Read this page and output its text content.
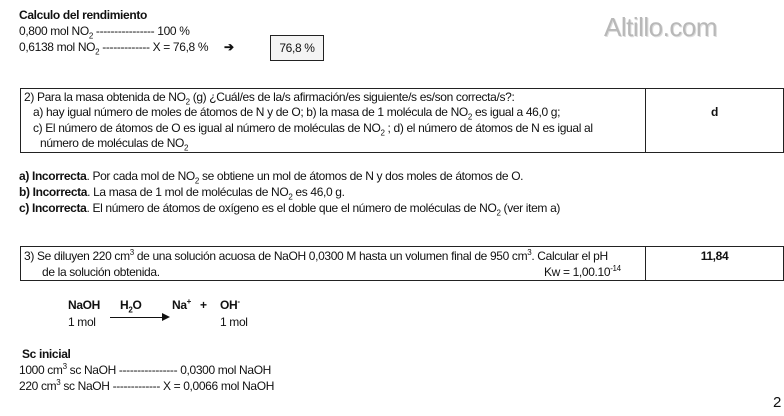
Altillo.com
Calculo del rendimiento
0,800 mol $NO_2$ ---------------- 100 %
0,6138 mol $NO_2$ ------------- X = 76,8 % ➔	76,8 %
2) Para la masa obtenida de $NO_2$ (g) ¿Cuál/es de la/s afirmación/es siguiente/s es/son correcta/s?:
a) hay igual número de moles de átomos de N y de O; b) la masa de 1 molécula de $NO_2$ es igual a 46,0 g;
c) El número de átomos de O es igual al número de moléculas de $NO_2$ ; d) el número de átomos de N es igual al
número de moléculas de $NO_2$
d
a) Incorrecta. Por cada mol de $NO_2$ se obtiene un mol de átomos de N y dos moles de átomos de O.
b) Incorrecta. La masa de 1 mol de moléculas de $NO_2$ es 46,0 g.
c) Incorrecta. El número de átomos de oxígeno es el doble que el número de moléculas de $NO_2$ (ver item a)
3) Se diluyen 220 $cm^3$ de una solución acuosa de NaOH 0,0300 M hasta un volumen final de 950 $cm^3$. Calcular el pH
de la solución obtenida.	$Kw = 1,00.10^{-14}$
11,84
NaOH $H_2O$	Na+ + OH-
1 mol	1 mol
Sc inicial
1000 $cm^3$ sc NaOH ---------------- 0,0300 mol NaOH
220 $cm^3$ sc NaOH ------------- X = 0,0066 mol NaOH
2
